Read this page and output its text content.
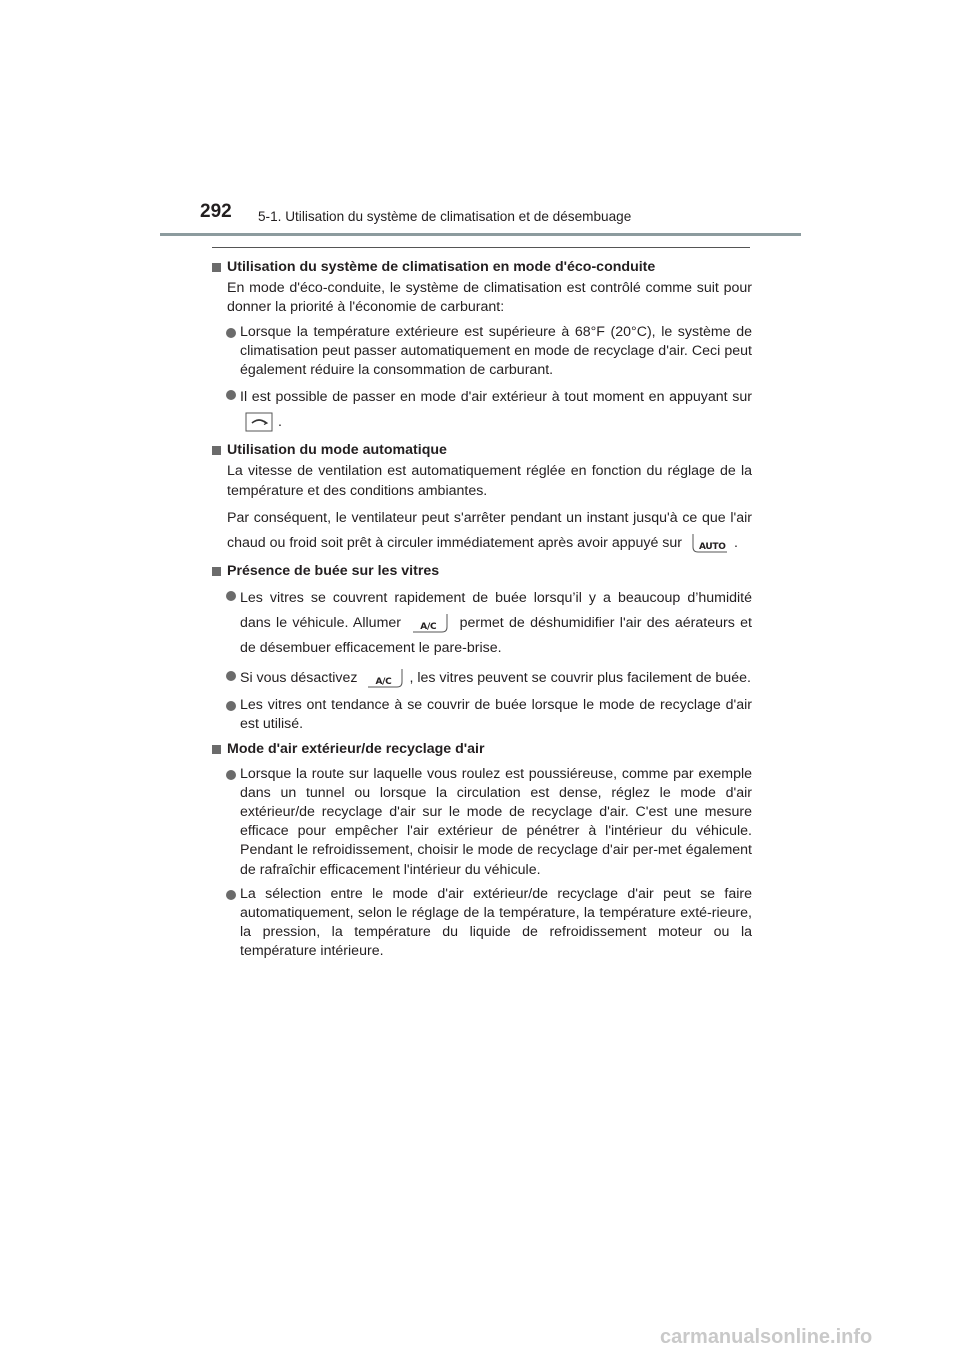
292 5-1. Utilisation du système de climatisation et de désembuage
Utilisation du système de climatisation en mode d'éco-conduite
En mode d'éco-conduite, le système de climatisation est contrôlé comme suit pour donner la priorité à l'économie de carburant:
Lorsque la température extérieure est supérieure à 68°F (20°C), le système de climatisation peut passer automatiquement en mode de recyclage d'air. Ceci peut également réduire la consommation de carburant.
Il est possible de passer en mode d'air extérieur à tout moment en appuyant sur
.
Utilisation du mode automatique
La vitesse de ventilation est automatiquement réglée en fonction du réglage de la température et des conditions ambiantes.
Par conséquent, le ventilateur peut s'arrêter pendant un instant jusqu'à ce que l'air chaud ou froid soit prêt à circuler immédiatement après avoir appuyé sur AUTO .
Présence de buée sur les vitres
Les vitres se couvrent rapidement de buée lorsqu’il y a beaucoup d’humidité dans le véhicule. Allumer A/C permet de déshumidifier l'air des aérateurs et de désembuer efficacement le pare-brise.
Si vous désactivez A/C , les vitres peuvent se couvrir plus facilement de buée.
Les vitres ont tendance à se couvrir de buée lorsque le mode de recyclage d'air est utilisé.
Mode d'air extérieur/de recyclage d'air
Lorsque la route sur laquelle vous roulez est poussiéreuse, comme par exemple dans un tunnel ou lorsque la circulation est dense, réglez le mode d'air extérieur/de recyclage d'air sur le mode de recyclage d'air. C'est une mesure efficace pour empêcher l'air extérieur de pénétrer à l'intérieur du véhicule. Pendant le refroidissement, choisir le mode de recyclage d'air per-met également de rafraîchir efficacement l'intérieur du véhicule.
La sélection entre le mode d'air extérieur/de recyclage d'air peut se faire automatiquement, selon le réglage de la température, la température exté-rieure, la pression, la température du liquide de refroidissement moteur ou la température intérieure.
carmanualsonline.info
